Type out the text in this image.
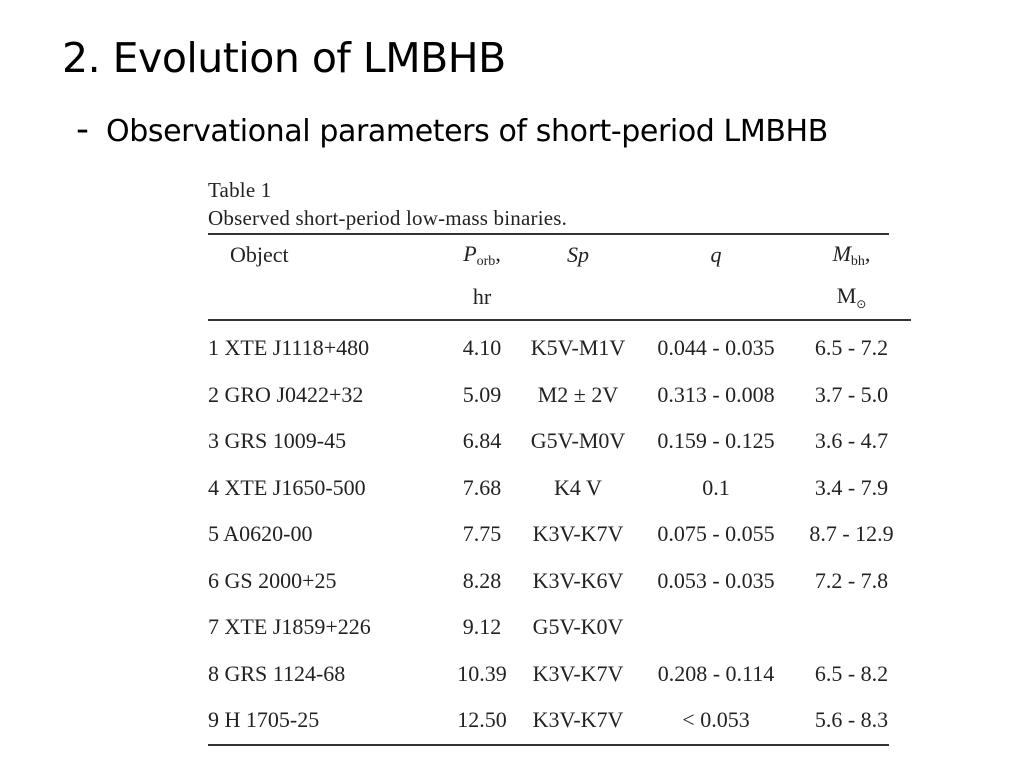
2. Evolution of LMBHB
- Observational parameters of short-period LMBHB
Table 1
Observed short-period low-mass binaries.
Object	$P_{orb}$,	Sp	q	$M_{bh}$,
	hr			$M_⊙$
1 XTE J1118+480	4.10	K5V-M1V	0.044 - 0.035	6.5 - 7.2
2 GRO J0422+32	5.09	M2 ± 2V	0.313 - 0.008	3.7 - 5.0
3 GRS 1009-45	6.84	G5V-M0V	0.159 - 0.125	3.6 - 4.7
4 XTE J1650-500	7.68	K4 V	0.1	3.4 - 7.9
5 A0620-00	7.75	K3V-K7V	0.075 - 0.055	8.7 - 12.9
6 GS 2000+25	8.28	K3V-K6V	0.053 - 0.035	7.2 - 7.8
7 XTE J1859+226	9.12	G5V-K0V		
8 GRS 1124-68	10.39	K3V-K7V	0.208 - 0.114	6.5 - 8.2
9 H 1705-25	12.50	K3V-K7V	< 0.053	5.6 - 8.3
